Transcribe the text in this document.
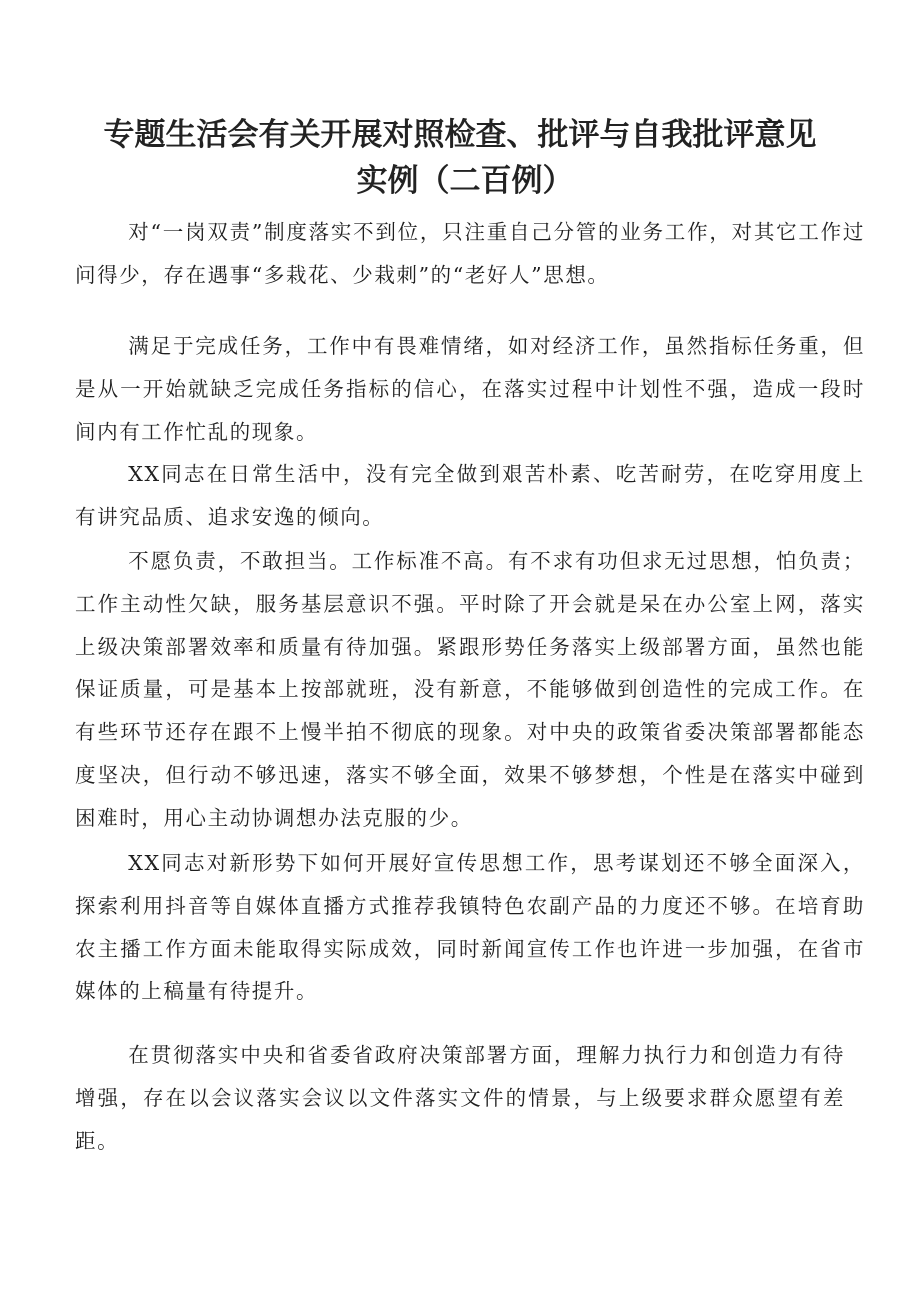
专题生活会有关开展对照检查、批评与自我批评意见
实例（二百例）

对“一岗双责”制度落实不到位，只注重自己分管的业务工作，对其它工作过问得少，存在遇事“多栽花、少栽刺”的“老好人”思想。

满足于完成任务，工作中有畏难情绪，如对经济工作，虽然指标任务重，但是从一开始就缺乏完成任务指标的信心，在落实过程中计划性不强，造成一段时间内有工作忙乱的现象。

XX同志在日常生活中，没有完全做到艰苦朴素、吃苦耐劳，在吃穿用度上有讲究品质、追求安逸的倾向。

不愿负责，不敢担当。工作标准不高。有不求有功但求无过思想，怕负责；工作主动性欠缺，服务基层意识不强。平时除了开会就是呆在办公室上网，落实上级决策部署效率和质量有待加强。紧跟形势任务落实上级部署方面，虽然也能保证质量，可是基本上按部就班，没有新意，不能够做到创造性的完成工作。在有些环节还存在跟不上慢半拍不彻底的现象。对中央的政策省委决策部署都能态度坚决，但行动不够迅速，落实不够全面，效果不够梦想，个性是在落实中碰到困难时，用心主动协调想办法克服的少。

XX同志对新形势下如何开展好宣传思想工作，思考谋划还不够全面深入，探索利用抖音等自媒体直播方式推荐我镇特色农副产品的力度还不够。在培育助农主播工作方面未能取得实际成效，同时新闻宣传工作也许进一步加强，在省市媒体的上稿量有待提升。

在贯彻落实中央和省委省政府决策部署方面，理解力执行力和创造力有待增强，存在以会议落实会议以文件落实文件的情景，与上级要求群众愿望有差距。
